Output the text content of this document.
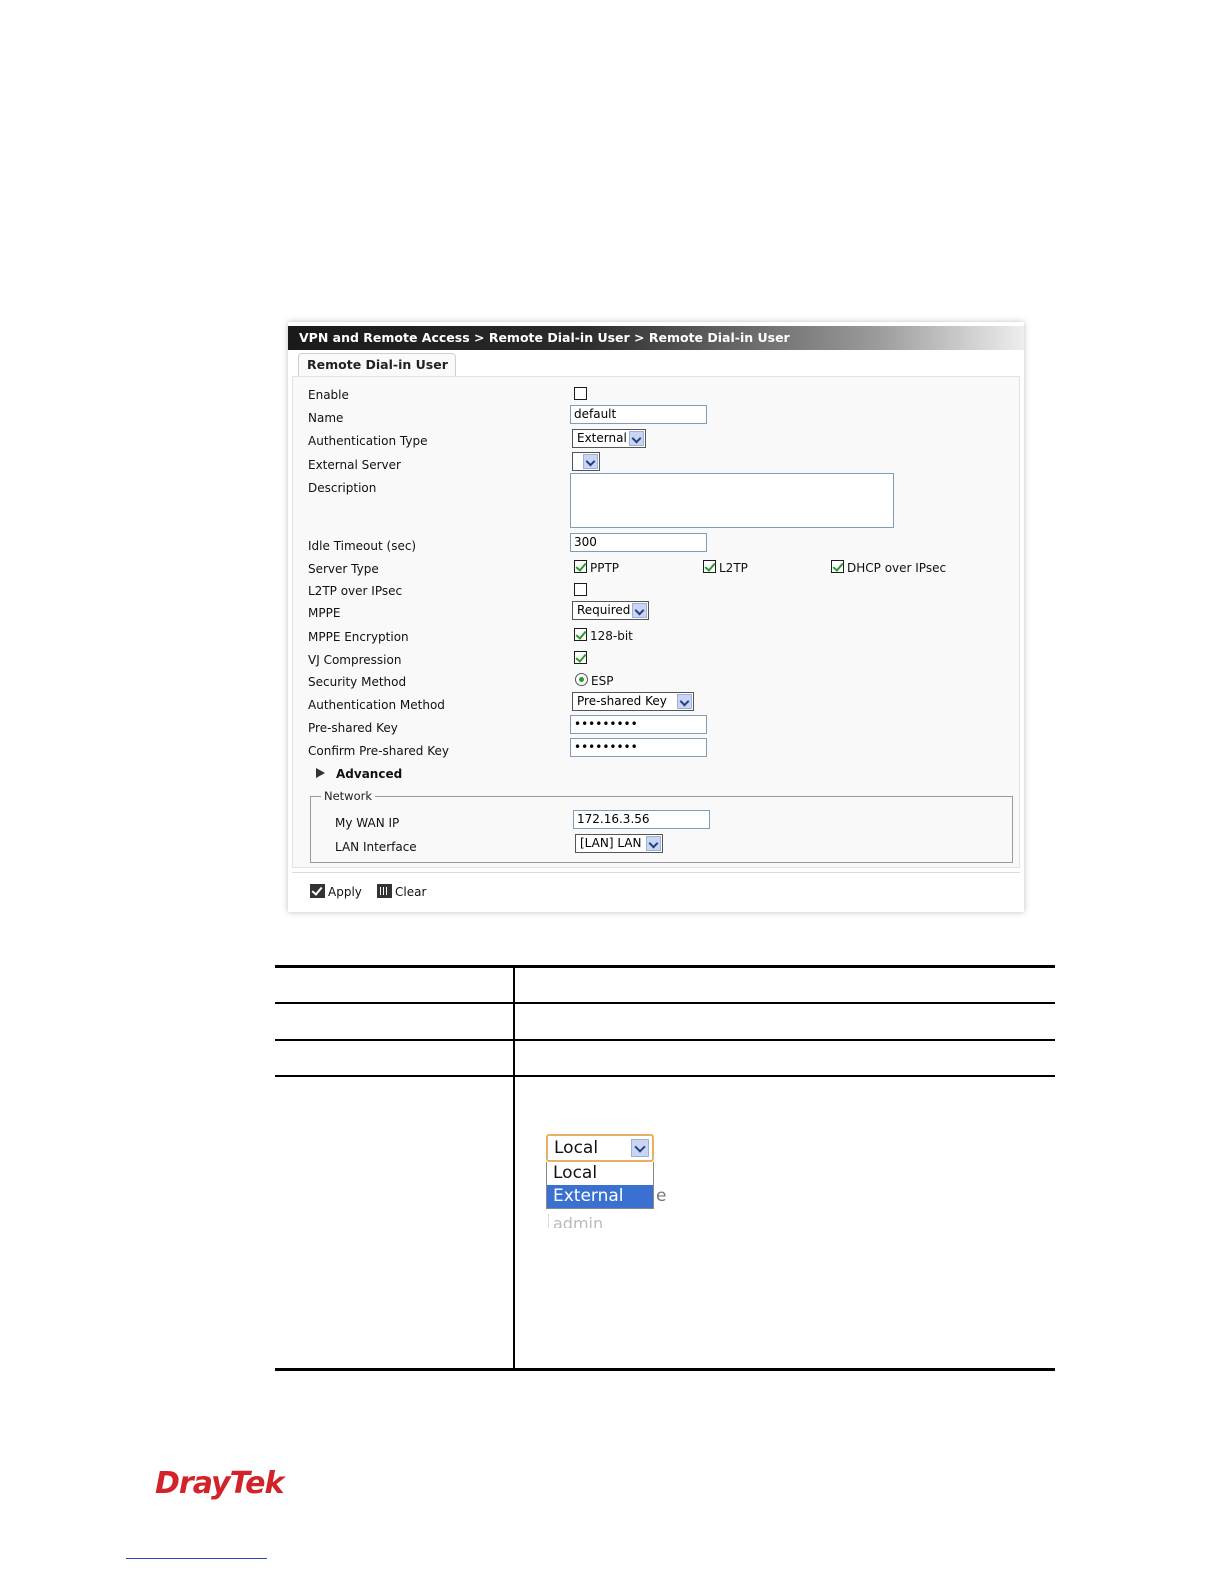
VPN and Remote Access > Remote Dial-in User > Remote Dial-in User
Remote Dial-in User
Enable
Name	default
Authentication Type	External
External Server
Description
Idle Timeout (sec)	300
Server Type	PPTP	L2TP	DHCP over IPsec
L2TP over IPsec
MPPE	Required
MPPE Encryption	128-bit
VJ Compression
Security Method	ESP
Authentication Method	Pre-shared Key
Pre-shared Key	•••••••••
Confirm Pre-shared Key	•••••••••
Advanced
Network
My WAN IP	172.16.3.56
LAN Interface	[LAN] LAN
Apply	Clear
Local
Local
External	e
admin
DrayTek
